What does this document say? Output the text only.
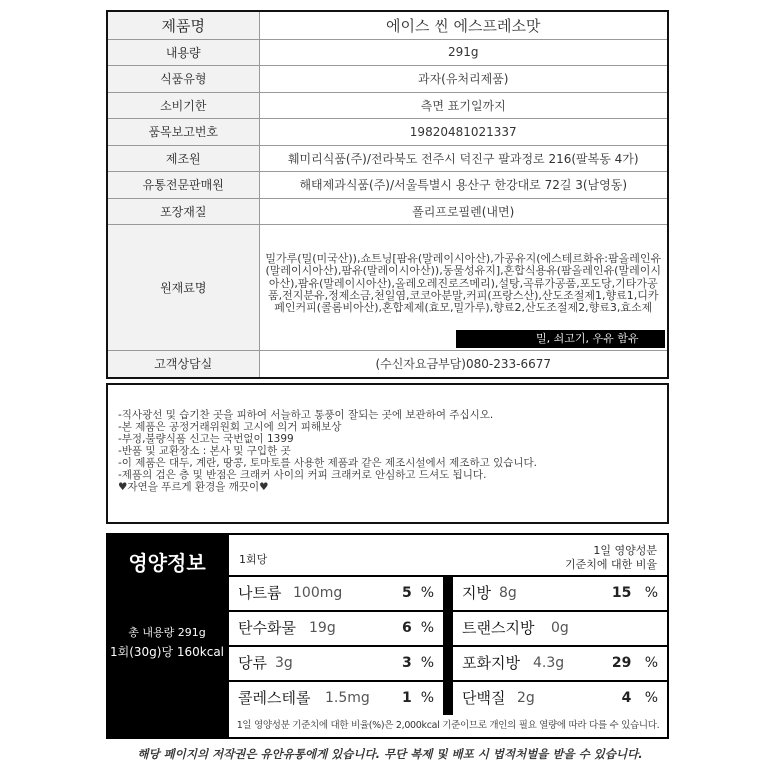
제품명	에이스 씬 에스프레소맛
내용량	291g
식품유형	과자(유처리제품)
소비기한	측면 표기일까지
품목보고번호	19820481021337
제조원	훼미리식품(주)/전라북도 전주시 덕진구 팔과정로 216(팔복동 4가)
유통전문판매원	해태제과식품(주)/서울특별시 용산구 한강대로 72길 3(남영동)
포장재질	폴리프로필렌(내면)
원재료명	밀가루(밀(미국산)),쇼트닝[팜유(말레이시아산),가공유지(에스테르화유:팜올레인유(말레이시아산),팜유(말레이시아산)),동물성유지],혼합식용유(팜올레인유(말레이시아산),팜유(말레이시아산),올레오레진로즈메리),설탕,곡류가공품,포도당,기타가공품,전지분유,정제소금,천일염,코코아분말,커피(프랑스산),산도조절제1,향료1,디카페인커피(콜롬비아산),혼합제제(효모,밀가루),향료2,산도조절제2,향료3,효소제
밀, 쇠고기, 우유 함유

고객상담실	(수신자요금부담)080-233-6677
-직사광선 및 습기찬 곳을 피하여 서늘하고 통풍이 잘되는 곳에 보관하여 주십시오.
-본 제품은 공정거래위원회 고시에 의거 피해보상
-부정,불량식품 신고는 국번없이 1399
-반품 및 교환장소 : 본사 및 구입한 곳
-이 제품은 대두, 계란, 땅콩, 토마토를 사용한 제품과 같은 제조시설에서 제조하고 있습니다.
-제품의 검은 층 및 반점은 크래커 사이의 커피 크래커로 안심하고 드셔도 됩니다.
♥자연을 푸르게 환경을 깨끗이♥
영양정보
총 내용량 291g
1회(30g)당 160kcal
1회당
1일 영양성분
기준치에 대한 비율
나트륨 100mg	5 % 지방 8g	15 %
탄수화물 19g	6 % 트랜스지방 0g
당류 3g	3 % 포화지방 4.3g	29 %
콜레스테롤 1.5mg 1 % 단백질 2g	4 %
1일 영양성분 기준치에 대한 비율(%)은 2,000kcal 기준이므로 개인의 필요 열량에 따라 다를 수 있습니다.
해당 페이지의 저작권은 유안유통에게 있습니다. 무단 복제 및 배포 시 법적처벌을 받을 수 있습니다.
